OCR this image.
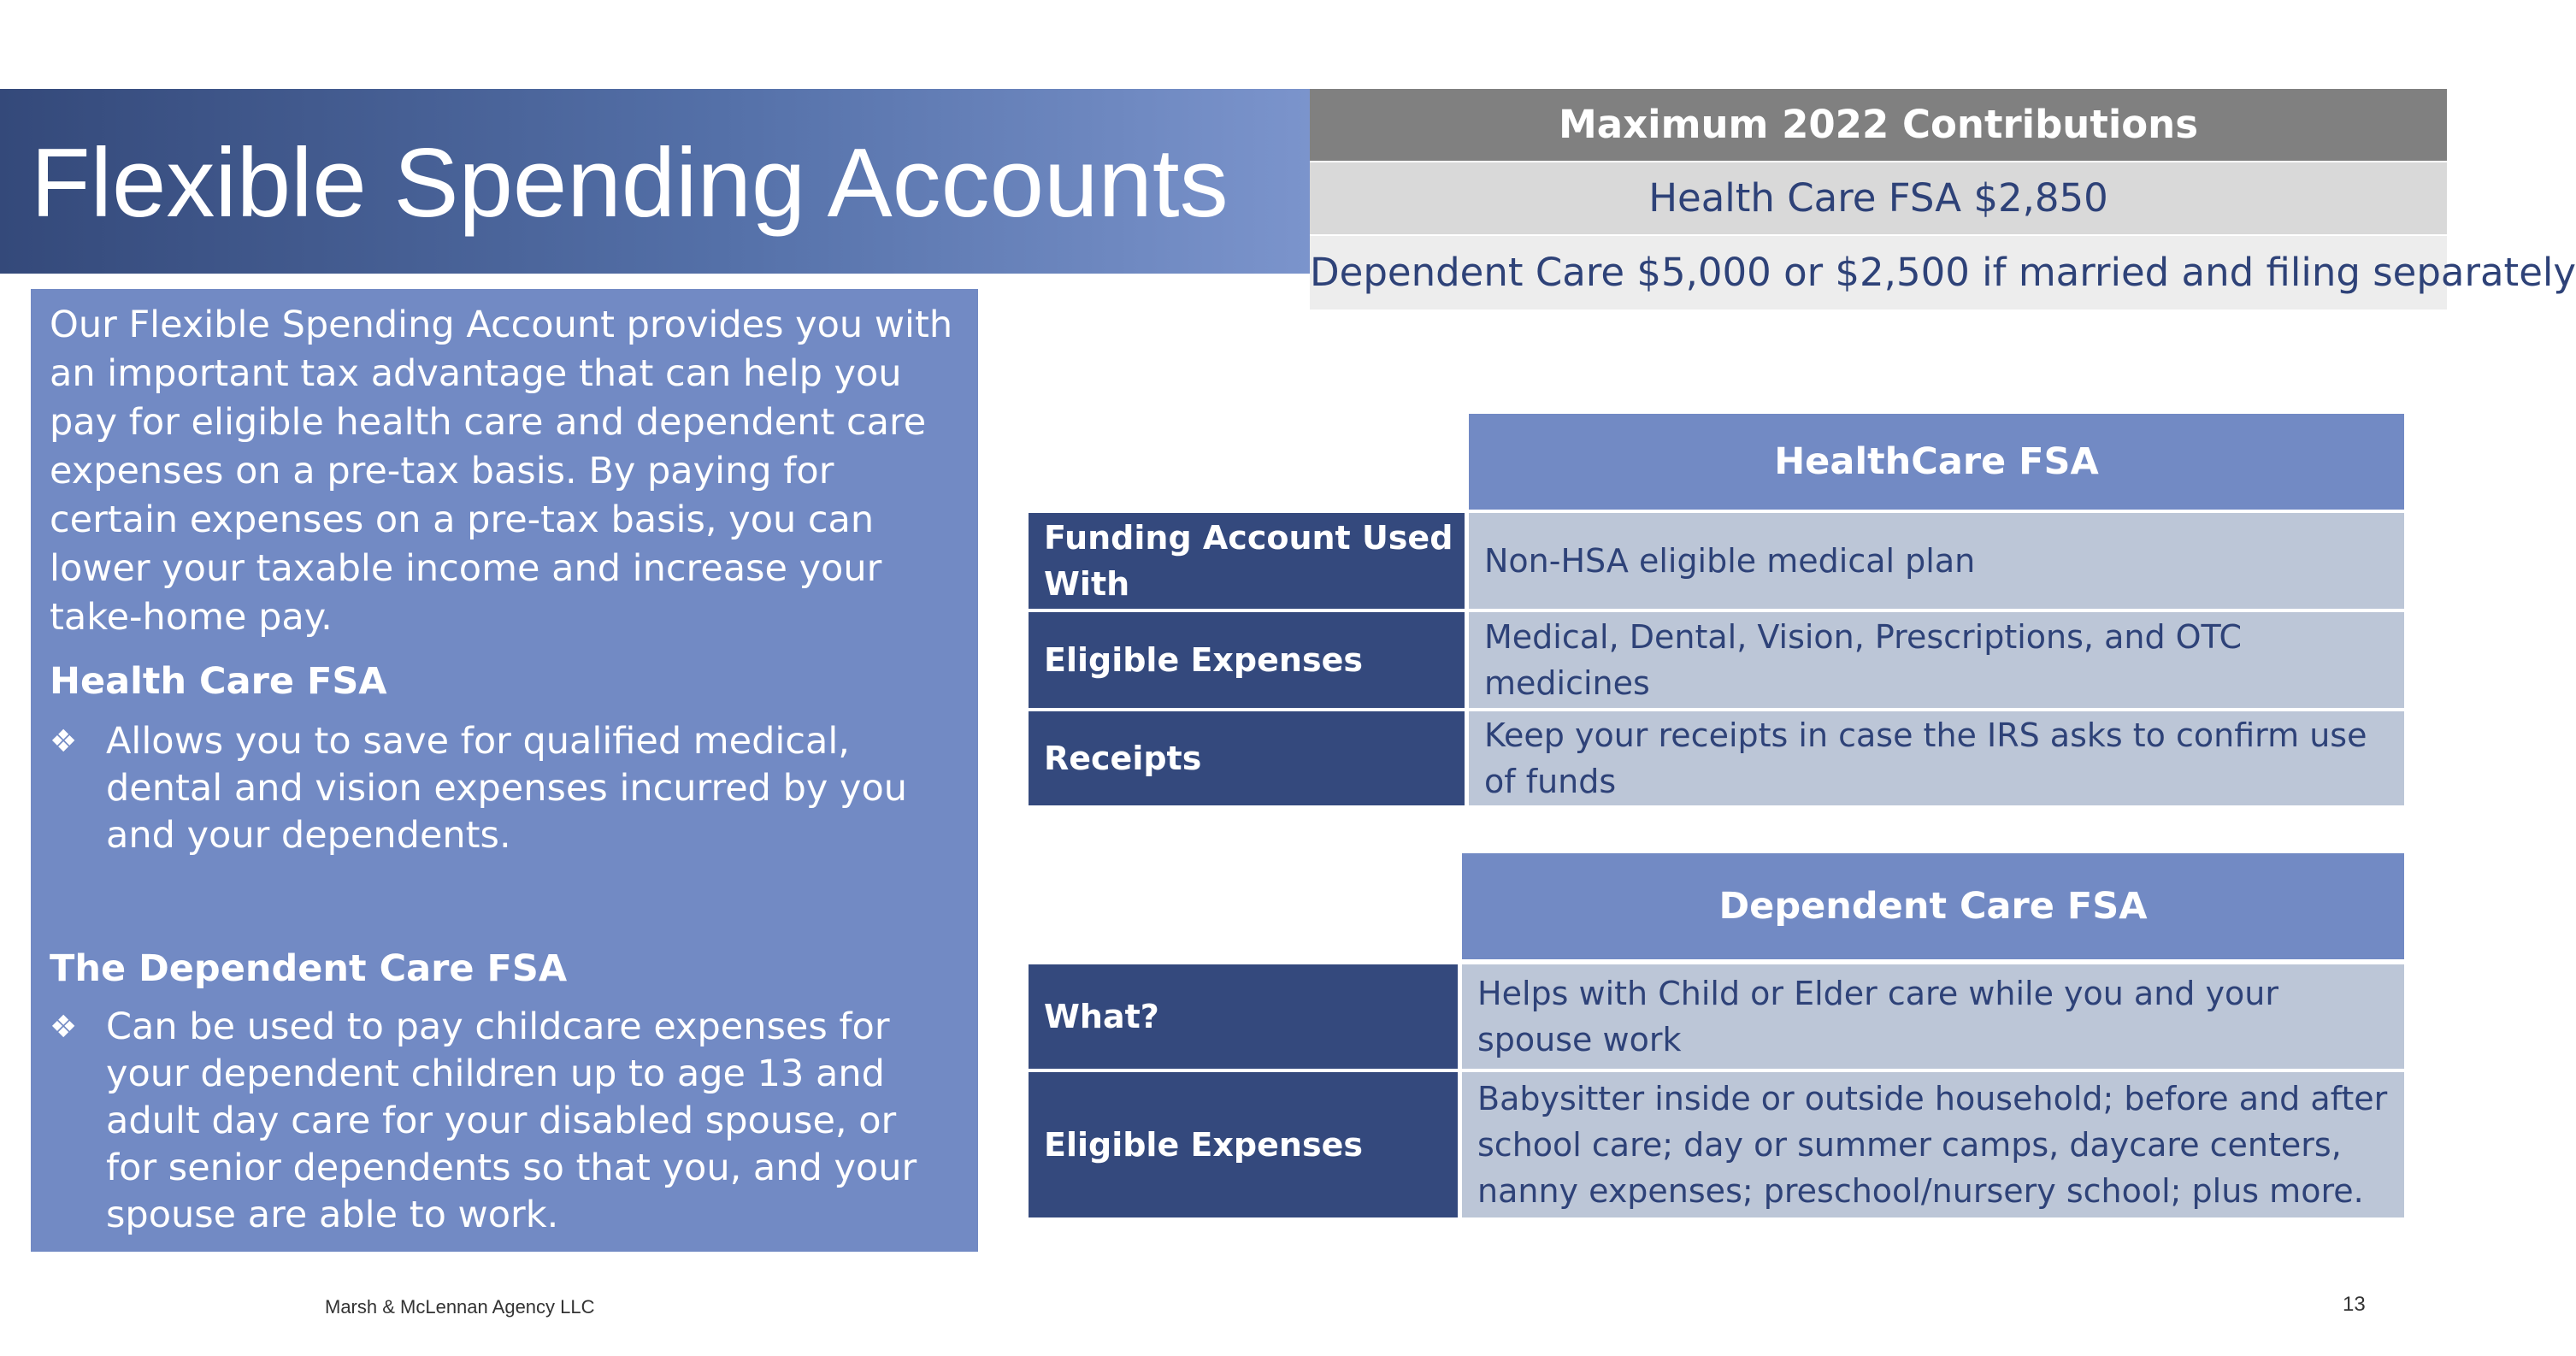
Flexible Spending Accounts
Maximum 2022 Contributions
Health Care FSA $2,850
Dependent Care $5,000 or $2,500 if married and filing separately

Our Flexible Spending Account provides you with an important tax advantage that can help you pay for eligible health care and dependent care expenses on a pre-tax basis. By paying for certain expenses on a pre-tax basis, you can lower your taxable income and increase your take-home pay.

Health Care FSA

❖ Allows you to save for qualified medical, dental and vision expenses incurred by you and your dependents.

The Dependent Care FSA

❖ Can be used to pay childcare expenses for your dependent children up to age 13 and adult day care for your disabled spouse, or for senior dependents so that you, and your spouse are able to work.
HealthCare FSA
Funding Account Used With
Non-HSA eligible medical plan
Eligible Expenses
Medical, Dental, Vision, Prescriptions, and OTC medicines
Receipts
Keep your receipts in case the IRS asks to confirm use of funds
Dependent Care FSA
What?
Helps with Child or Elder care while you and your spouse work
Eligible Expenses
Babysitter inside or outside household; before and after school care; day or summer camps, daycare centers, nanny expenses; preschool/nursery school; plus more.
Marsh & McLennan Agency LLC	13
